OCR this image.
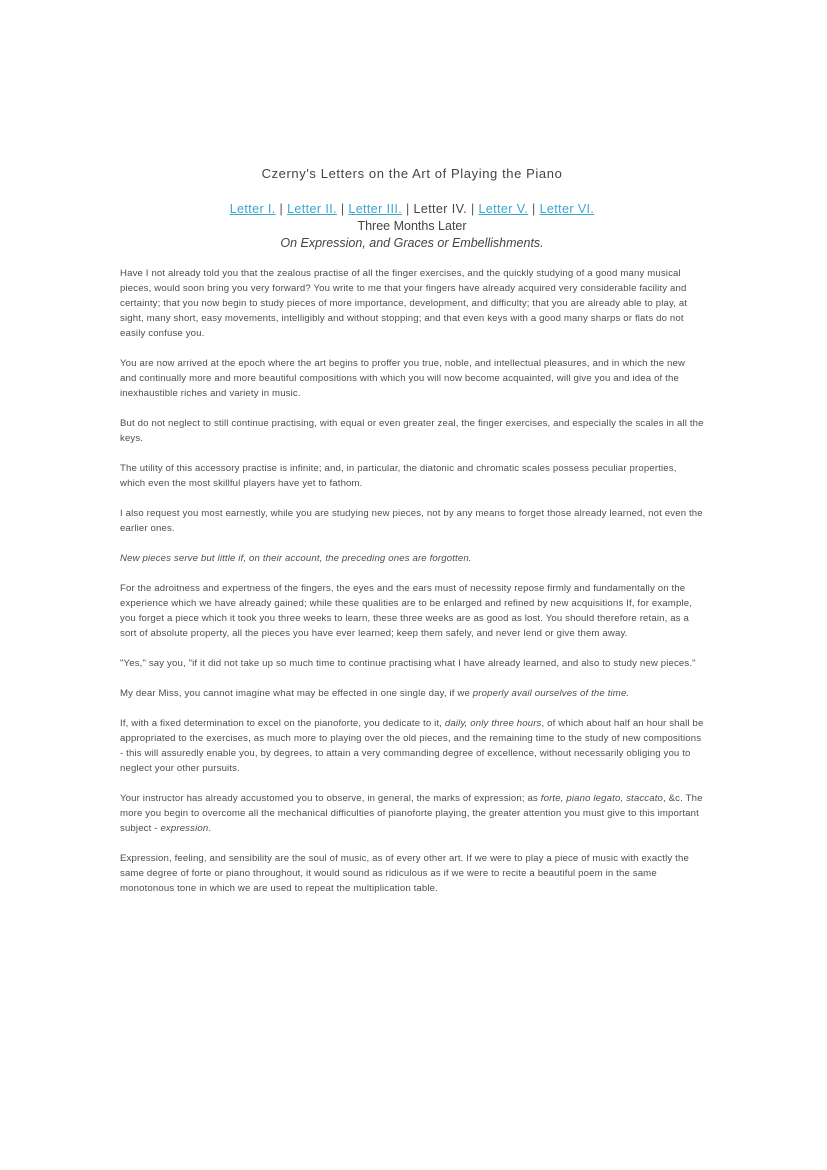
Czerny's Letters on the Art of Playing the Piano
Letter I. | Letter II. | Letter III. | Letter IV. | Letter V. | Letter VI.
Three Months Later
On Expression, and Graces or Embellishments.

Have I not already told you that the zealous practise of all the finger exercises, and the quickly studying of a good many musical pieces, would soon bring you very forward? You write to me that your fingers have already acquired very considerable facility and certainty; that you now begin to study pieces of more importance, development, and difficulty; that you are already able to play, at sight, many short, easy movements, intelligibly and without stopping; and that even keys with a good many sharps or flats do not easily confuse you.

You are now arrived at the epoch where the art begins to proffer you true, noble, and intellectual pleasures, and in which the new and continually more and more beautiful compositions with which you will now become acquainted, will give you and idea of the inexhaustible riches and variety in music.

But do not neglect to still continue practising, with equal or even greater zeal, the finger exercises, and especially the scales in all the keys.

The utility of this accessory practise is infinite; and, in particular, the diatonic and chromatic scales possess peculiar properties, which even the most skillful players have yet to fathom.

I also request you most earnestly, while you are studying new pieces, not by any means to forget those already learned, not even the earlier ones.

New pieces serve but little if, on their account, the preceding ones are forgotten.

For the adroitness and expertness of the fingers, the eyes and the ears must of necessity repose firmly and fundamentally on the experience which we have already gained; while these qualities are to be enlarged and refined by new acquisitions If, for example, you forget a piece which it took you three weeks to learn, these three weeks are as good as lost. You should therefore retain, as a sort of absolute property, all the pieces you have ever learned; keep them safely, and never lend or give them away.

"Yes," say you, "if it did not take up so much time to continue practising what I have already learned, and also to study new pieces."

My dear Miss, you cannot imagine what may be effected in one single day, if we properly avail ourselves of the time.

If, with a fixed determination to excel on the pianoforte, you dedicate to it, daily, only three hours, of which about half an hour shall be appropriated to the exercises, as much more to playing over the old pieces, and the remaining time to the study of new compositions - this will assuredly enable you, by degrees, to attain a very commanding degree of excellence, without necessarily obliging you to neglect your other pursuits.

Your instructor has already accustomed you to observe, in general, the marks of expression; as forte, piano legato, staccato, &c. The more you begin to overcome all the mechanical difficulties of pianoforte playing, the greater attention you must give to this important subject - expression.

Expression, feeling, and sensibility are the soul of music, as of every other art. If we were to play a piece of music with exactly the same degree of forte or piano throughout, it would sound as ridiculous as if we were to recite a beautiful poem in the same monotonous tone in which we are used to repeat the multiplication table.
